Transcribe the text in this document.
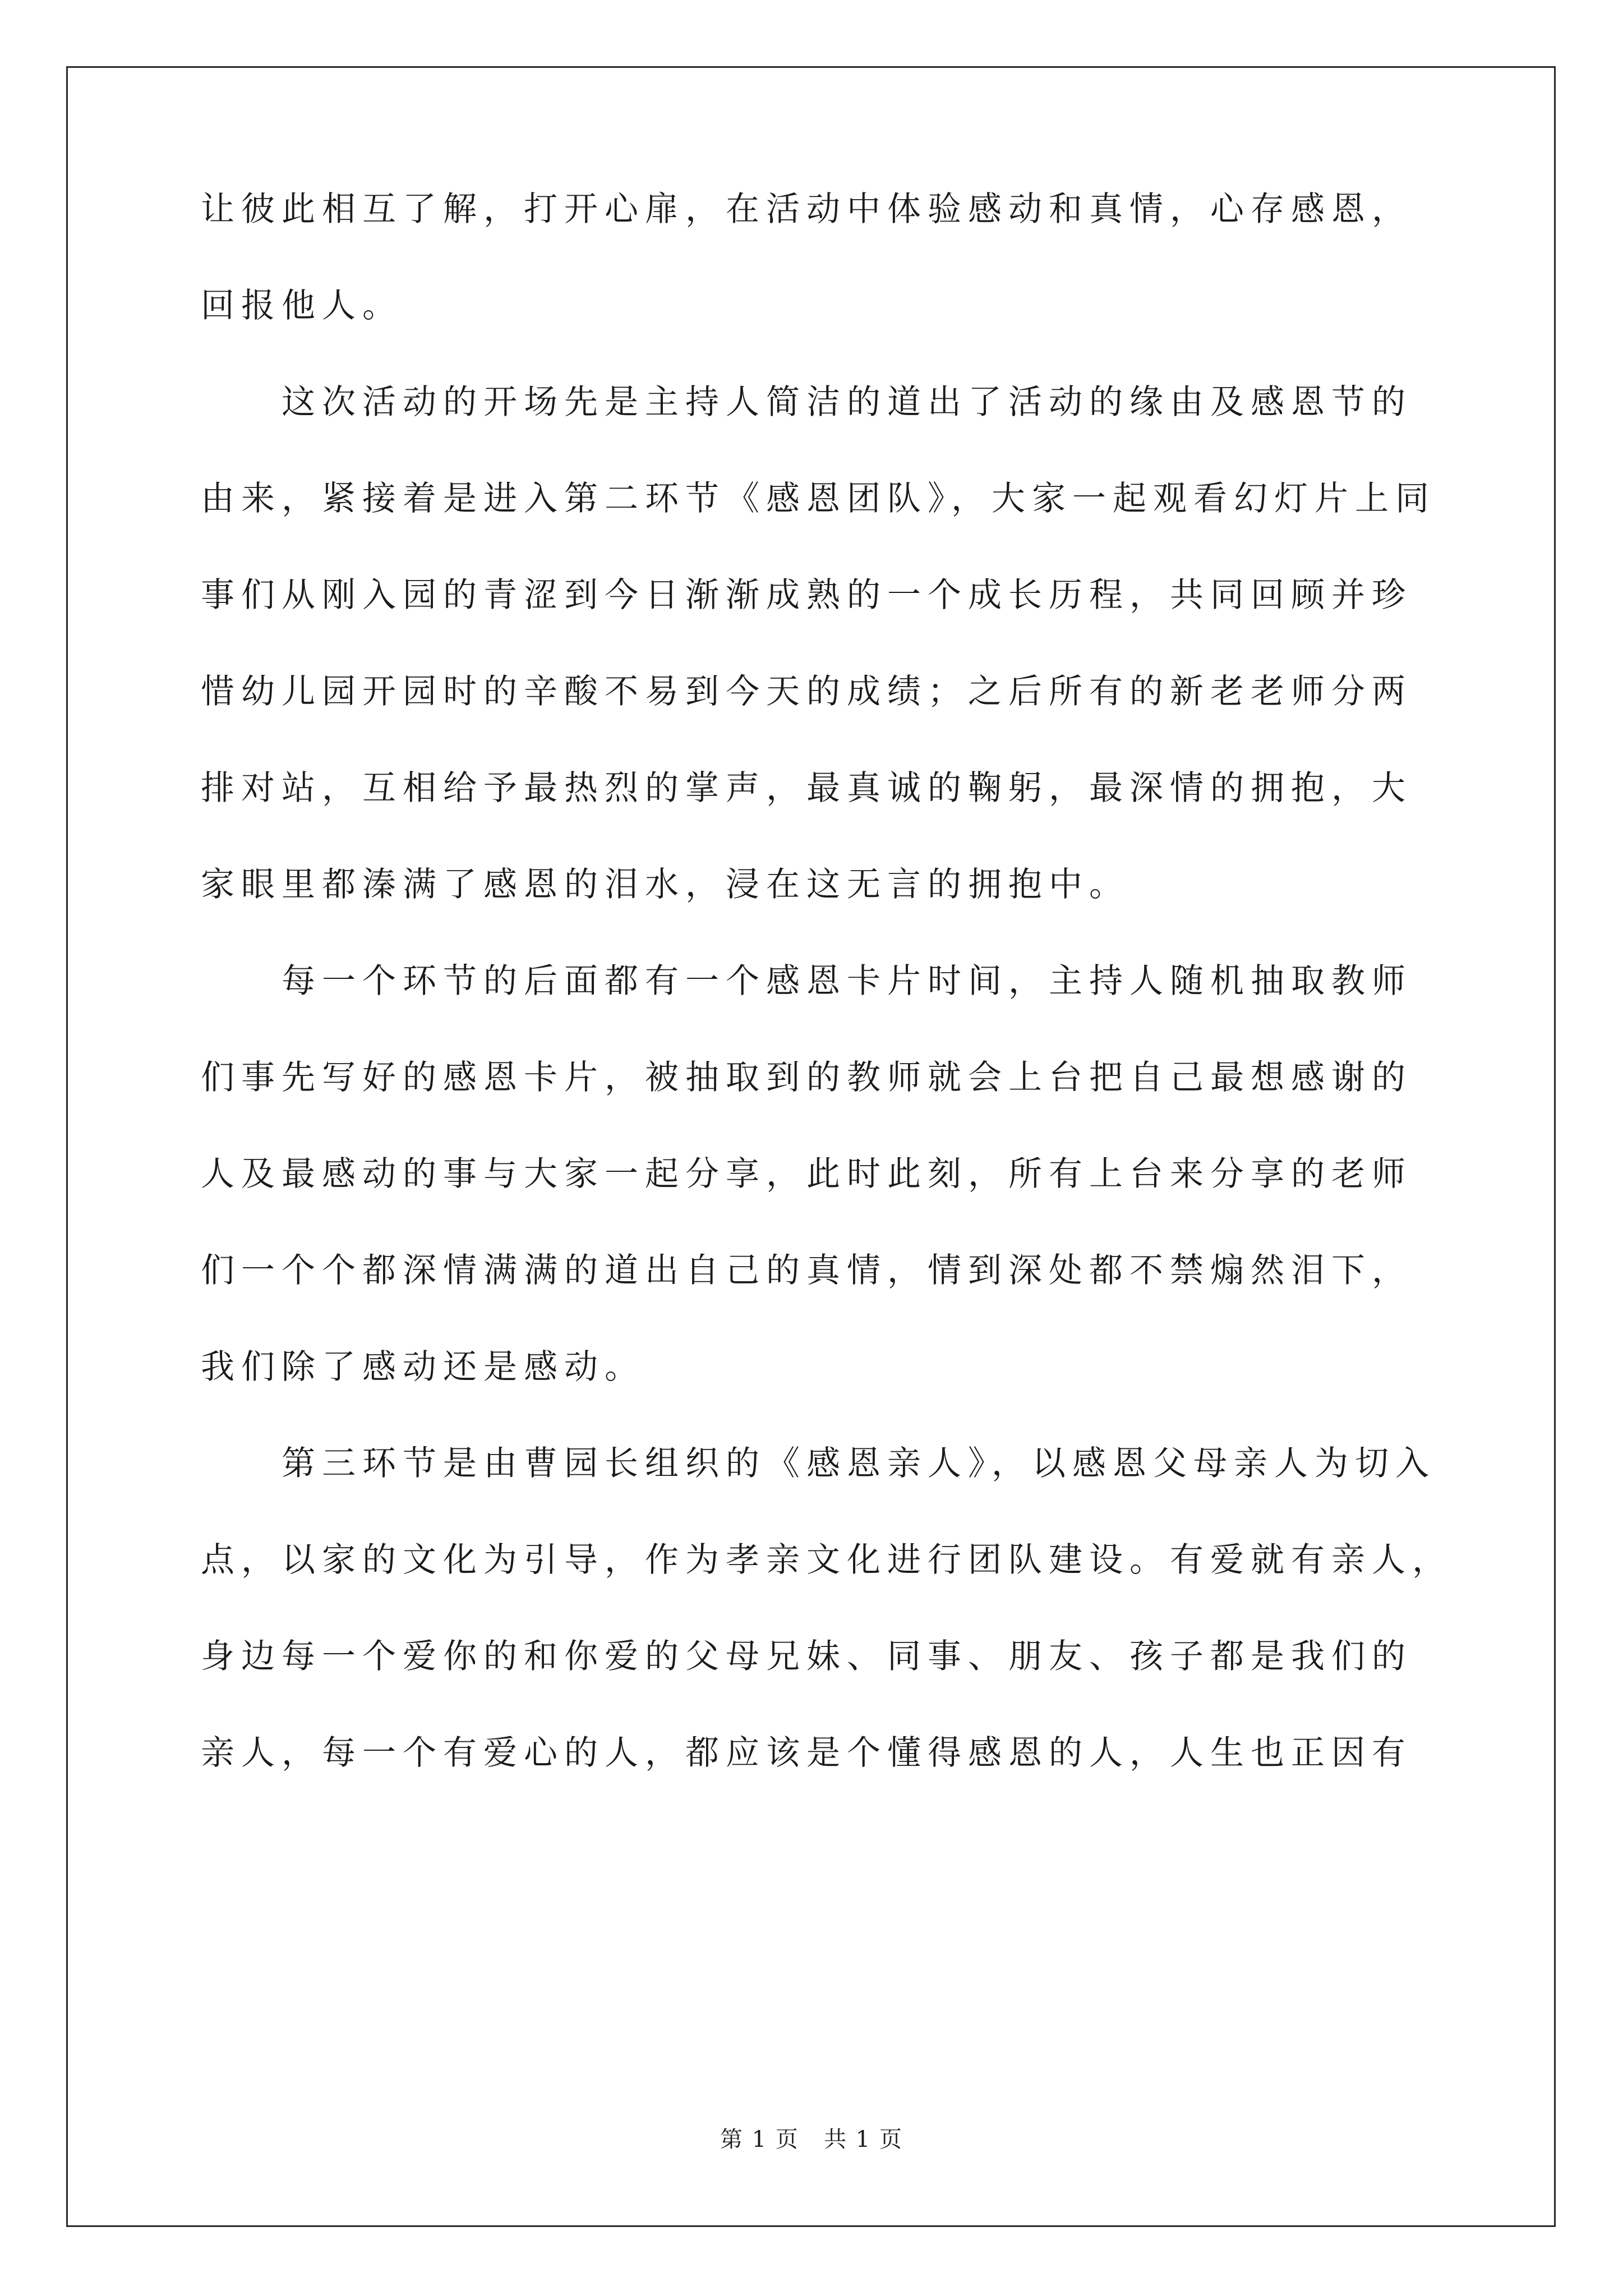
让彼此相互了解，打开心扉，在活动中体验感动和真情，心存感恩，
回报他人。
这次活动的开场先是主持人简洁的道出了活动的缘由及感恩节的
由来，紧接着是进入第二环节《感恩团队》，大家一起观看幻灯片上同
事们从刚入园的青涩到今日渐渐成熟的一个成长历程，共同回顾并珍
惜幼儿园开园时的辛酸不易到今天的成绩；之后所有的新老老师分两
排对站，互相给予最热烈的掌声，最真诚的鞠躬，最深情的拥抱，大
家眼里都溱满了感恩的泪水，浸在这无言的拥抱中。
每一个环节的后面都有一个感恩卡片时间，主持人随机抽取教师
们事先写好的感恩卡片，被抽取到的教师就会上台把自己最想感谢的
人及最感动的事与大家一起分享，此时此刻，所有上台来分享的老师
们一个个都深情满满的道出自己的真情，情到深处都不禁煽然泪下，
我们除了感动还是感动。
第三环节是由曹园长组织的《感恩亲人》，以感恩父母亲人为切入
点，以家的文化为引导，作为孝亲文化进行团队建设。有爱就有亲人，
身边每一个爱你的和你爱的父母兄妹、同事、朋友、孩子都是我们的
亲人，每一个有爱心的人，都应该是个懂得感恩的人，人生也正因有
第 1 页   共 1 页
